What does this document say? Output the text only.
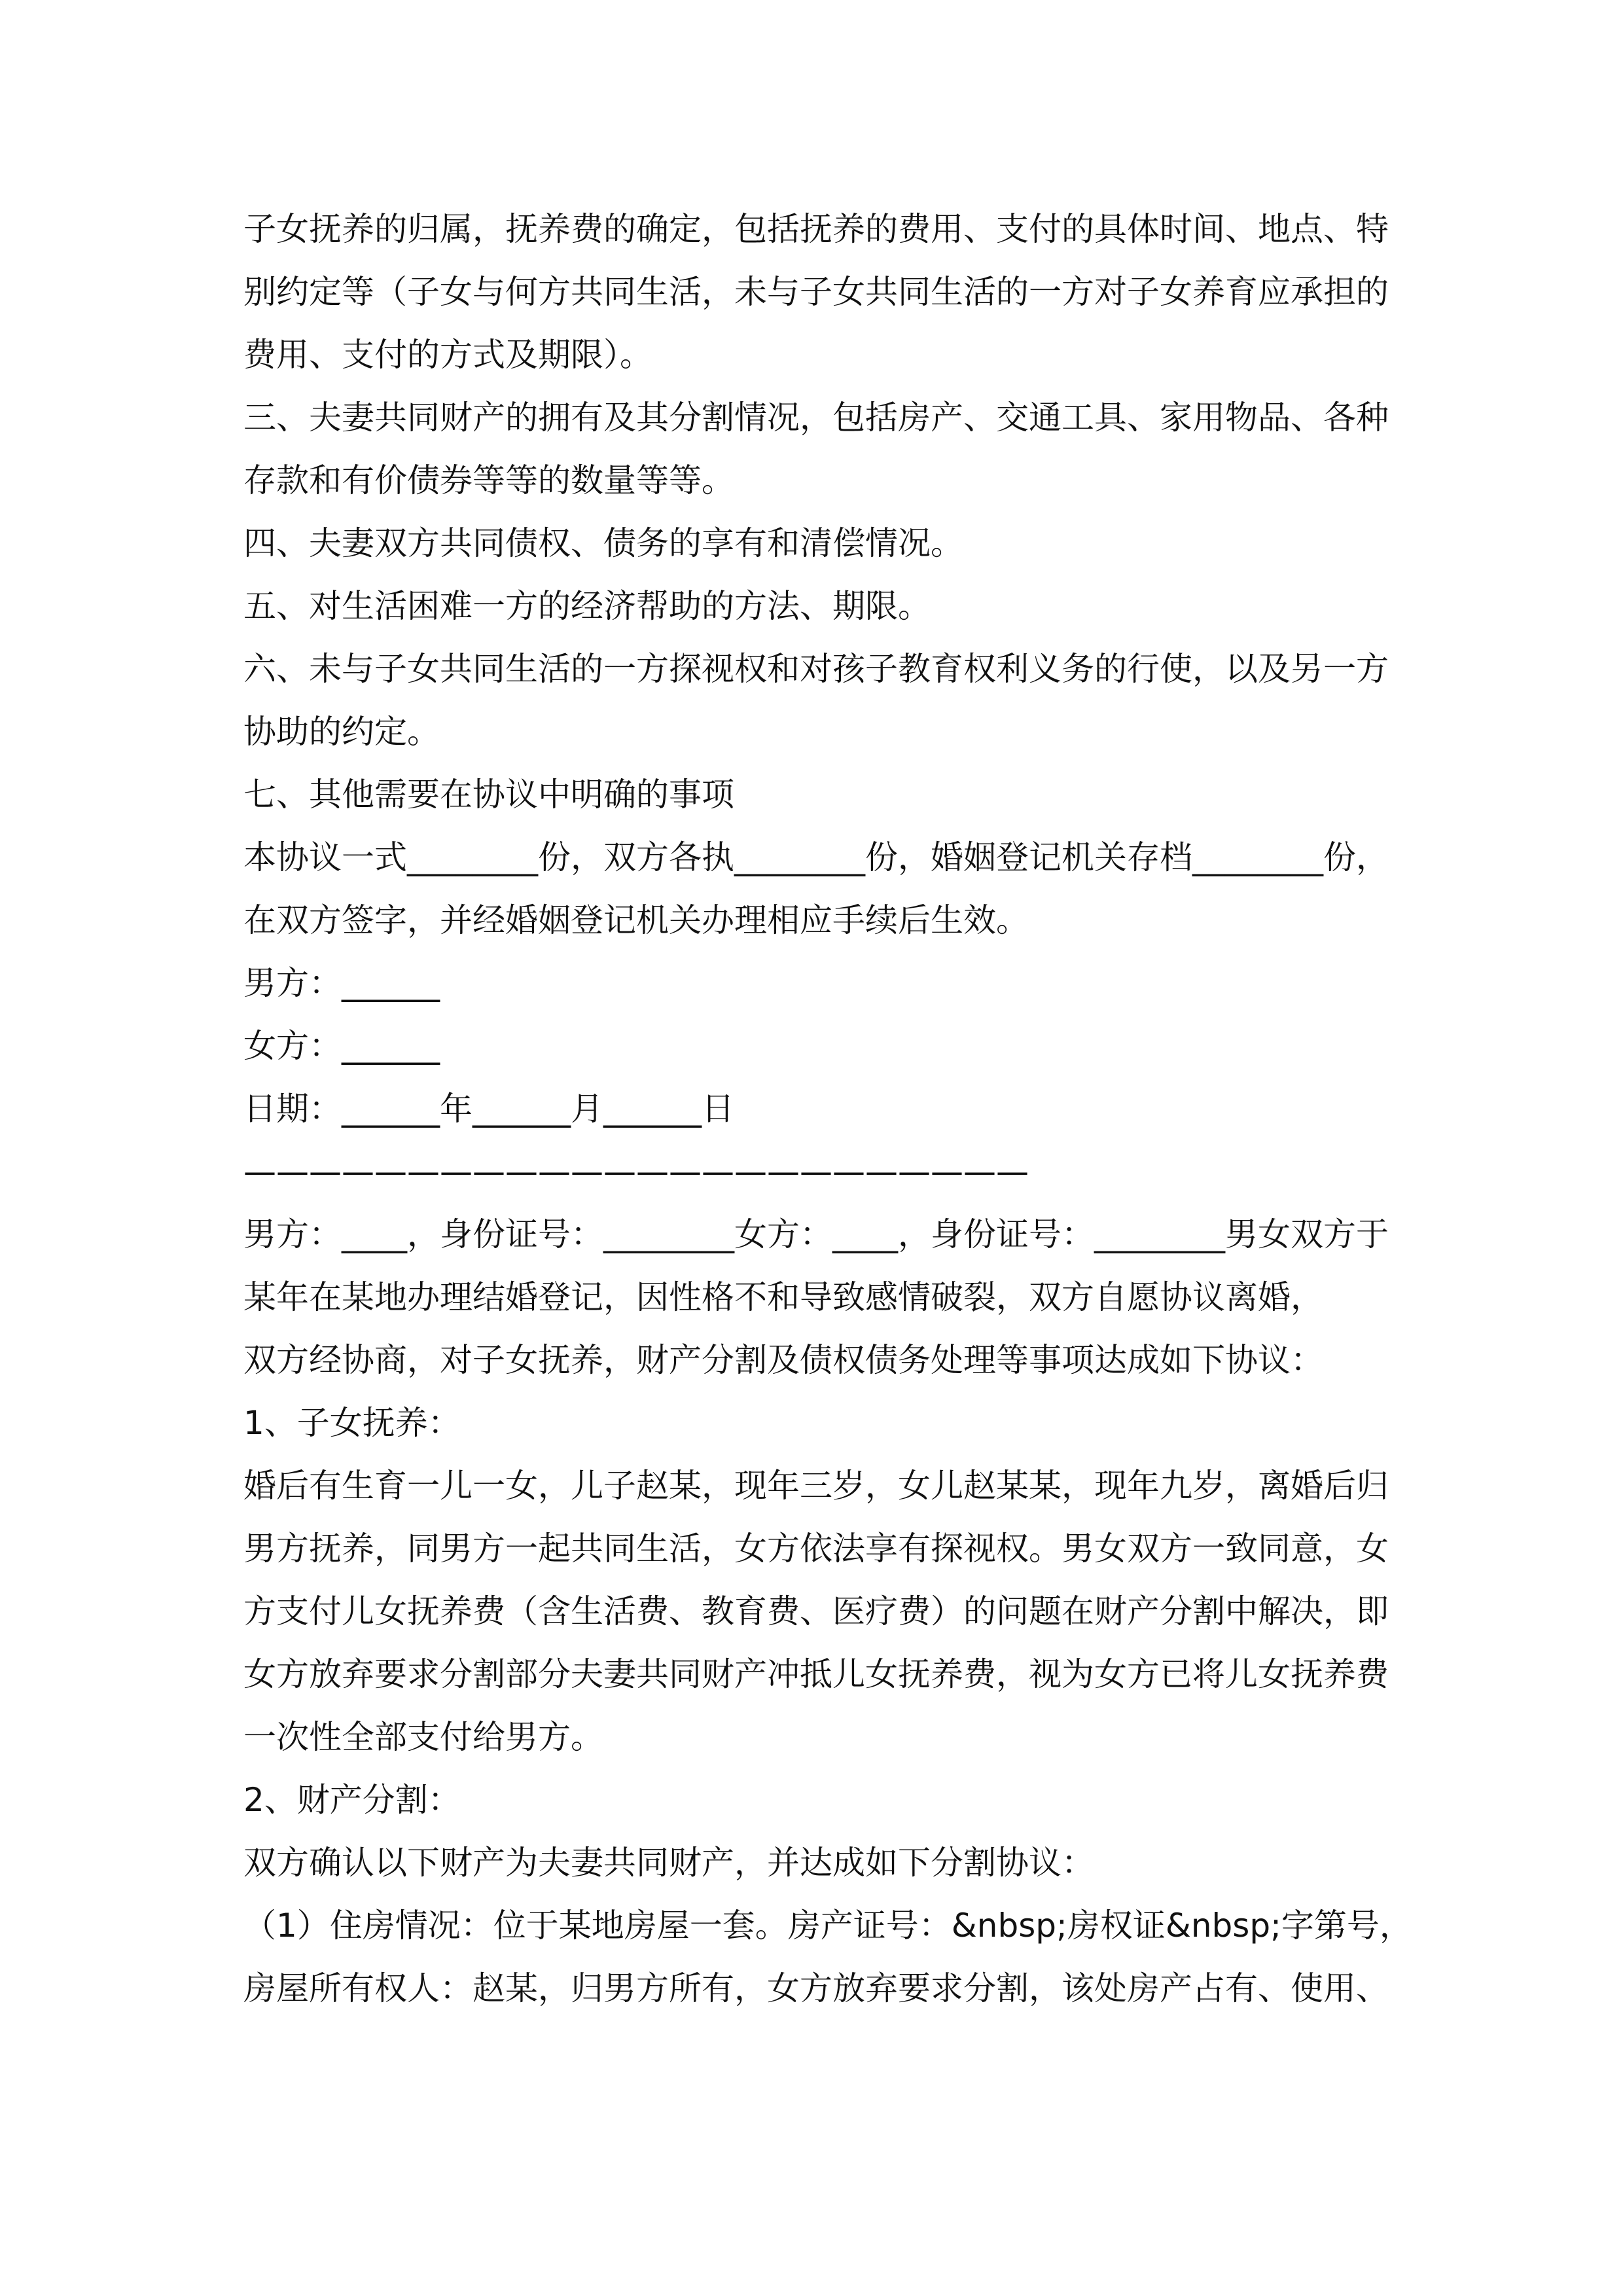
子女抚养的归属，抚养费的确定，包括抚养的费用、支付的具体时间、地点、特
别约定等（子女与何方共同生活，未与子女共同生活的一方对子女养育应承担的
费用、支付的方式及期限）。
三、夫妻共同财产的拥有及其分割情况，包括房产、交通工具、家用物品、各种
存款和有价债券等等的数量等等。
四、夫妻双方共同债权、债务的享有和清偿情况。
五、对生活困难一方的经济帮助的方法、期限。
六、未与子女共同生活的一方探视权和对孩子教育权利义务的行使，以及另一方
协助的约定。
七、其他需要在协议中明确的事项
本协议一式________份，双方各执________份，婚姻登记机关存档________份，
在双方签字，并经婚姻登记机关办理相应手续后生效。
男方：______
女方：______
日期：______年______月______日
————————————————————————
男方：____，身份证号：________女方：____，身份证号：________男女双方于
某年在某地办理结婚登记，因性格不和导致感情破裂，双方自愿协议离婚，
双方经协商，对子女抚养，财产分割及债权债务处理等事项达成如下协议：
1、子女抚养：
婚后有生育一儿一女，儿子赵某，现年三岁，女儿赵某某，现年九岁，离婚后归
男方抚养，同男方一起共同生活，女方依法享有探视权。男女双方一致同意，女
方支付儿女抚养费（含生活费、教育费、医疗费）的问题在财产分割中解决，即
女方放弃要求分割部分夫妻共同财产冲抵儿女抚养费，视为女方已将儿女抚养费
一次性全部支付给男方。
2、财产分割：
双方确认以下财产为夫妻共同财产，并达成如下分割协议：
（1）住房情况：位于某地房屋一套。房产证号：&nbsp;房权证&nbsp;字第号，
房屋所有权人：赵某，归男方所有，女方放弃要求分割，该处房产占有、使用、
